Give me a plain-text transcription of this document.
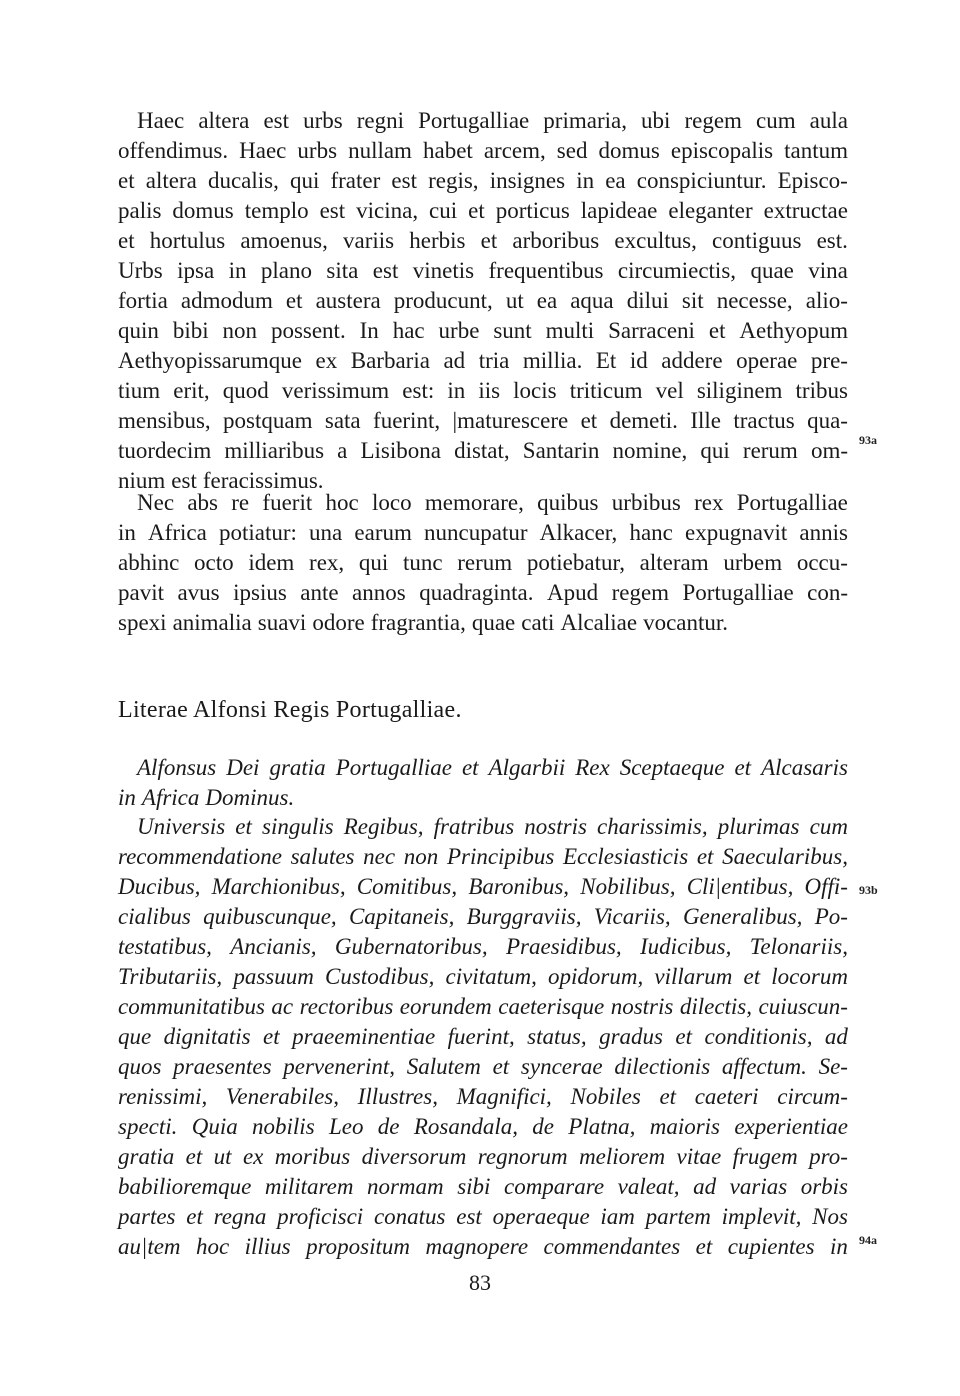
Haec altera est urbs regni Portugalliae primaria, ubi regem cum aula
offendimus. Haec urbs nullam habet arcem, sed domus episcopalis tantum
et altera ducalis, qui frater est regis, insignes in ea conspiciuntur. Episco-
palis domus templo est vicina, cui et porticus lapideae eleganter extructae
et hortulus amoenus, variis herbis et arboribus excultus, contiguus est.
Urbs ipsa in plano sita est vinetis frequentibus circumiectis, quae vina
fortia admodum et austera producunt, ut ea aqua dilui sit necesse, alio-
quin bibi non possent. In hac urbe sunt multi Sarraceni et Aethyopum
Aethyopissarumque ex Barbaria ad tria millia. Et id addere operae pre-
tium erit, quod verissimum est: in iis locis triticum vel siliginem tribus
mensibus, postquam sata fuerint, |maturescere et demeti. Ille tractus qua-
tuordecim milliaribus a Lisibona distat, Santarin nomine, qui rerum om-
nium est feracissimus.
Nec abs re fuerit hoc loco memorare, quibus urbibus rex Portugalliae
in Africa potiatur: una earum nuncupatur Alkacer, hanc expugnavit annis
abhinc octo idem rex, qui tunc rerum potiebatur, alteram urbem occu-
pavit avus ipsius ante annos quadraginta. Apud regem Portugalliae con-
spexi animalia suavi odore fragrantia, quae cati Alcaliae vocantur.
Literae Alfonsi Regis Portugalliae.
Alfonsus Dei gratia Portugalliae et Algarbii Rex Sceptaeque et Alcasaris
in Africa Dominus.
Universis et singulis Regibus, fratribus nostris charissimis, plurimas cum
recommendatione salutes nec non Principibus Ecclesiasticis et Saecularibus,
Ducibus, Marchionibus, Comitibus, Baronibus, Nobilibus, Cli|entibus, Offi-
cialibus quibuscunque, Capitaneis, Burggraviis, Vicariis, Generalibus, Po-
testatibus, Ancianis, Gubernatoribus, Praesidibus, Iudicibus, Telonariis,
Tributariis, passuum Custodibus, civitatum, opidorum, villarum et locorum
communitatibus ac rectoribus eorundem caeterisque nostris dilectis, cuiuscun-
que dignitatis et praeeminentiae fuerint, status, gradus et conditionis, ad
quos praesentes pervenerint, Salutem et syncerae dilectionis affectum. Se-
renissimi, Venerabiles, Illustres, Magnifici, Nobiles et caeteri circum-
specti. Quia nobilis Leo de Rosandala, de Platna, maioris experientiae
gratia et ut ex moribus diversorum regnorum meliorem vitae frugem pro-
babilioremque militarem normam sibi comparare valeat, ad varias orbis
partes et regna proficisci conatus est operaeque iam partem implevit, Nos
au|tem hoc illius propositum magnopere commendantes et cupientes in
93a
93b
94a
83
